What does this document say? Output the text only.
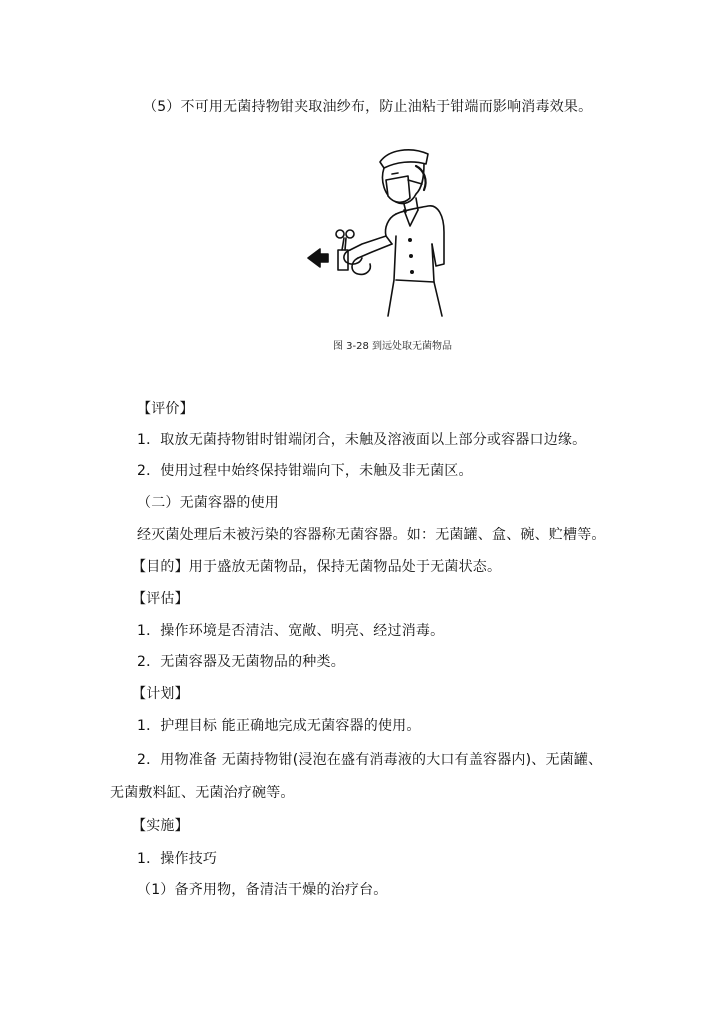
（5）不可用无菌持物钳夹取油纱布，防止油粘于钳端而影响消毒效果。
图 3-28 到远处取无菌物品
【评价】
1．取放无菌持物钳时钳端闭合，未触及溶液面以上部分或容器口边缘。
2．使用过程中始终保持钳端向下，未触及非无菌区。
（二）无菌容器的使用
经灭菌处理后未被污染的容器称无菌容器。如：无菌罐、盒、碗、贮槽等。
【目的】用于盛放无菌物品，保持无菌物品处于无菌状态。
【评估】
1．操作环境是否清洁、宽敞、明亮、经过消毒。
2．无菌容器及无菌物品的种类。
【计划】
1．护理目标 能正确地完成无菌容器的使用。
2．用物准备 无菌持物钳(浸泡在盛有消毒液的大口有盖容器内)、无菌罐、
无菌敷料缸、无菌治疗碗等。
【实施】
1．操作技巧
（1）备齐用物，备清洁干燥的治疗台。
